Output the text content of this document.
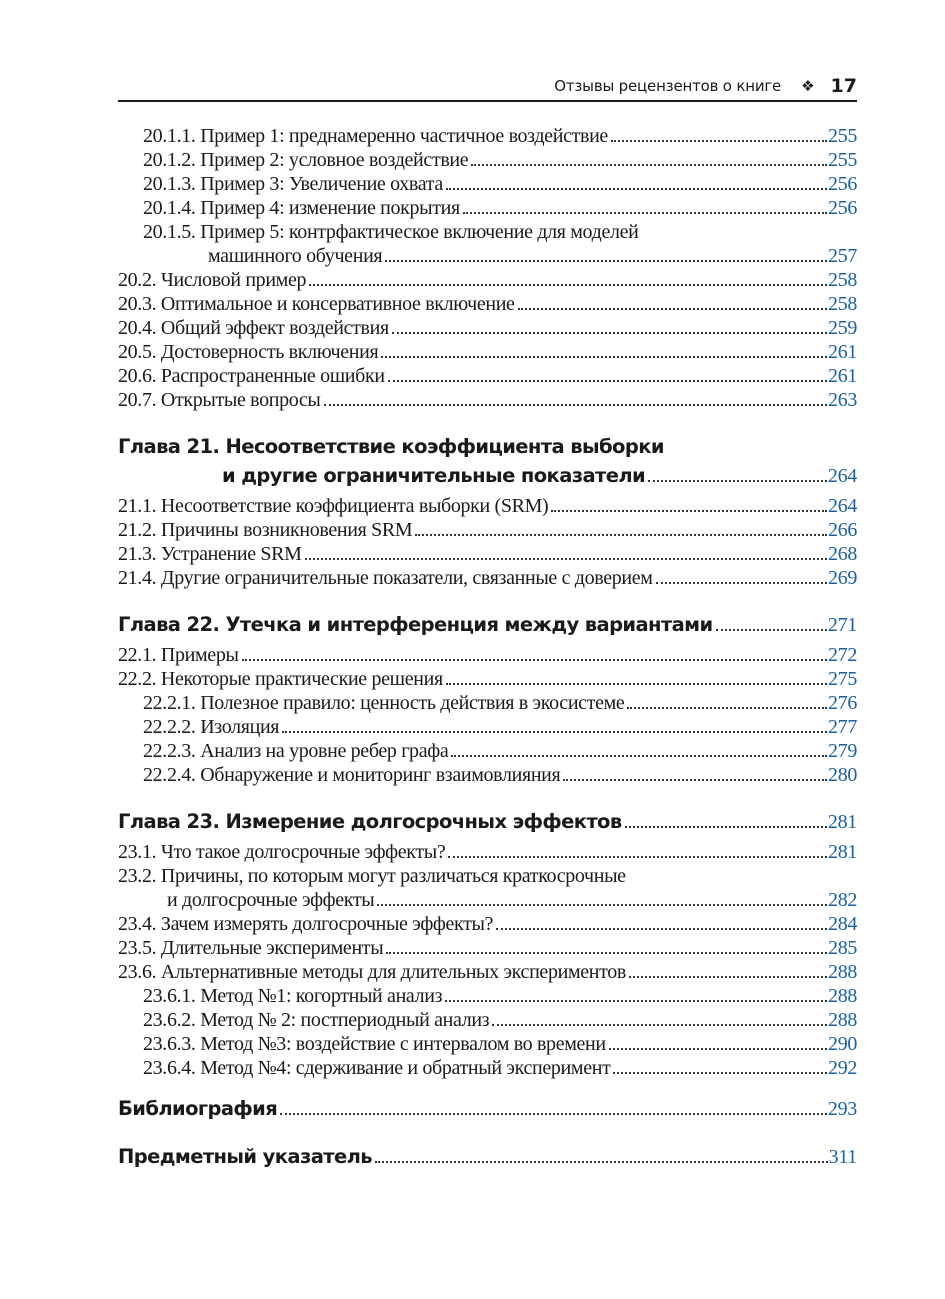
Отзывы рецензентов о книге ❖ 17
20.1.1. Пример 1: преднамеренно частичное воздействие	255
20.1.2. Пример 2: условное воздействие	255
20.1.3. Пример 3: Увеличение охвата	256
20.1.4. Пример 4: изменение покрытия	256
20.1.5. Пример 5: контрфактическое включение для моделей
машинного обучения	257
20.2. Числовой пример	258
20.3. Оптимальное и консервативное включение	258
20.4. Общий эффект воздействия	259
20.5. Достоверность включения	261
20.6. Распространенные ошибки	261
20.7. Открытые вопросы	263
Глава 21. Несоответствие коэффициента выборки
и другие ограничительные показатели	264
21.1. Несоответствие коэффициента выборки (SRM)	264
21.2. Причины возникновения SRM	266
21.3. Устранение SRM	268
21.4. Другие ограничительные показатели, связанные с доверием	269
Глава 22. Утечка и интерференция между вариантами	271
22.1. Примеры	272
22.2. Некоторые практические решения	275
22.2.1. Полезное правило: ценность действия в экосистеме	276
22.2.2. Изоляция	277
22.2.3. Анализ на уровне ребер графа	279
22.2.4. Обнаружение и мониторинг взаимовлияния	280
Глава 23. Измерение долгосрочных эффектов	281
23.1. Что такое долгосрочные эффекты?	281
23.2. Причины, по которым могут различаться краткосрочные
и долгосрочные эффекты	282
23.4. Зачем измерять долгосрочные эффекты?	284
23.5. Длительные эксперименты	285
23.6. Альтернативные методы для длительных экспериментов	288
23.6.1. Метод №1: когортный анализ	288
23.6.2. Метод № 2: постпериодный анализ	288
23.6.3. Метод №3: воздействие с интервалом во времени	290
23.6.4. Метод №4: сдерживание и обратный эксперимент	292
Библиография	293
Предметный указатель	311
